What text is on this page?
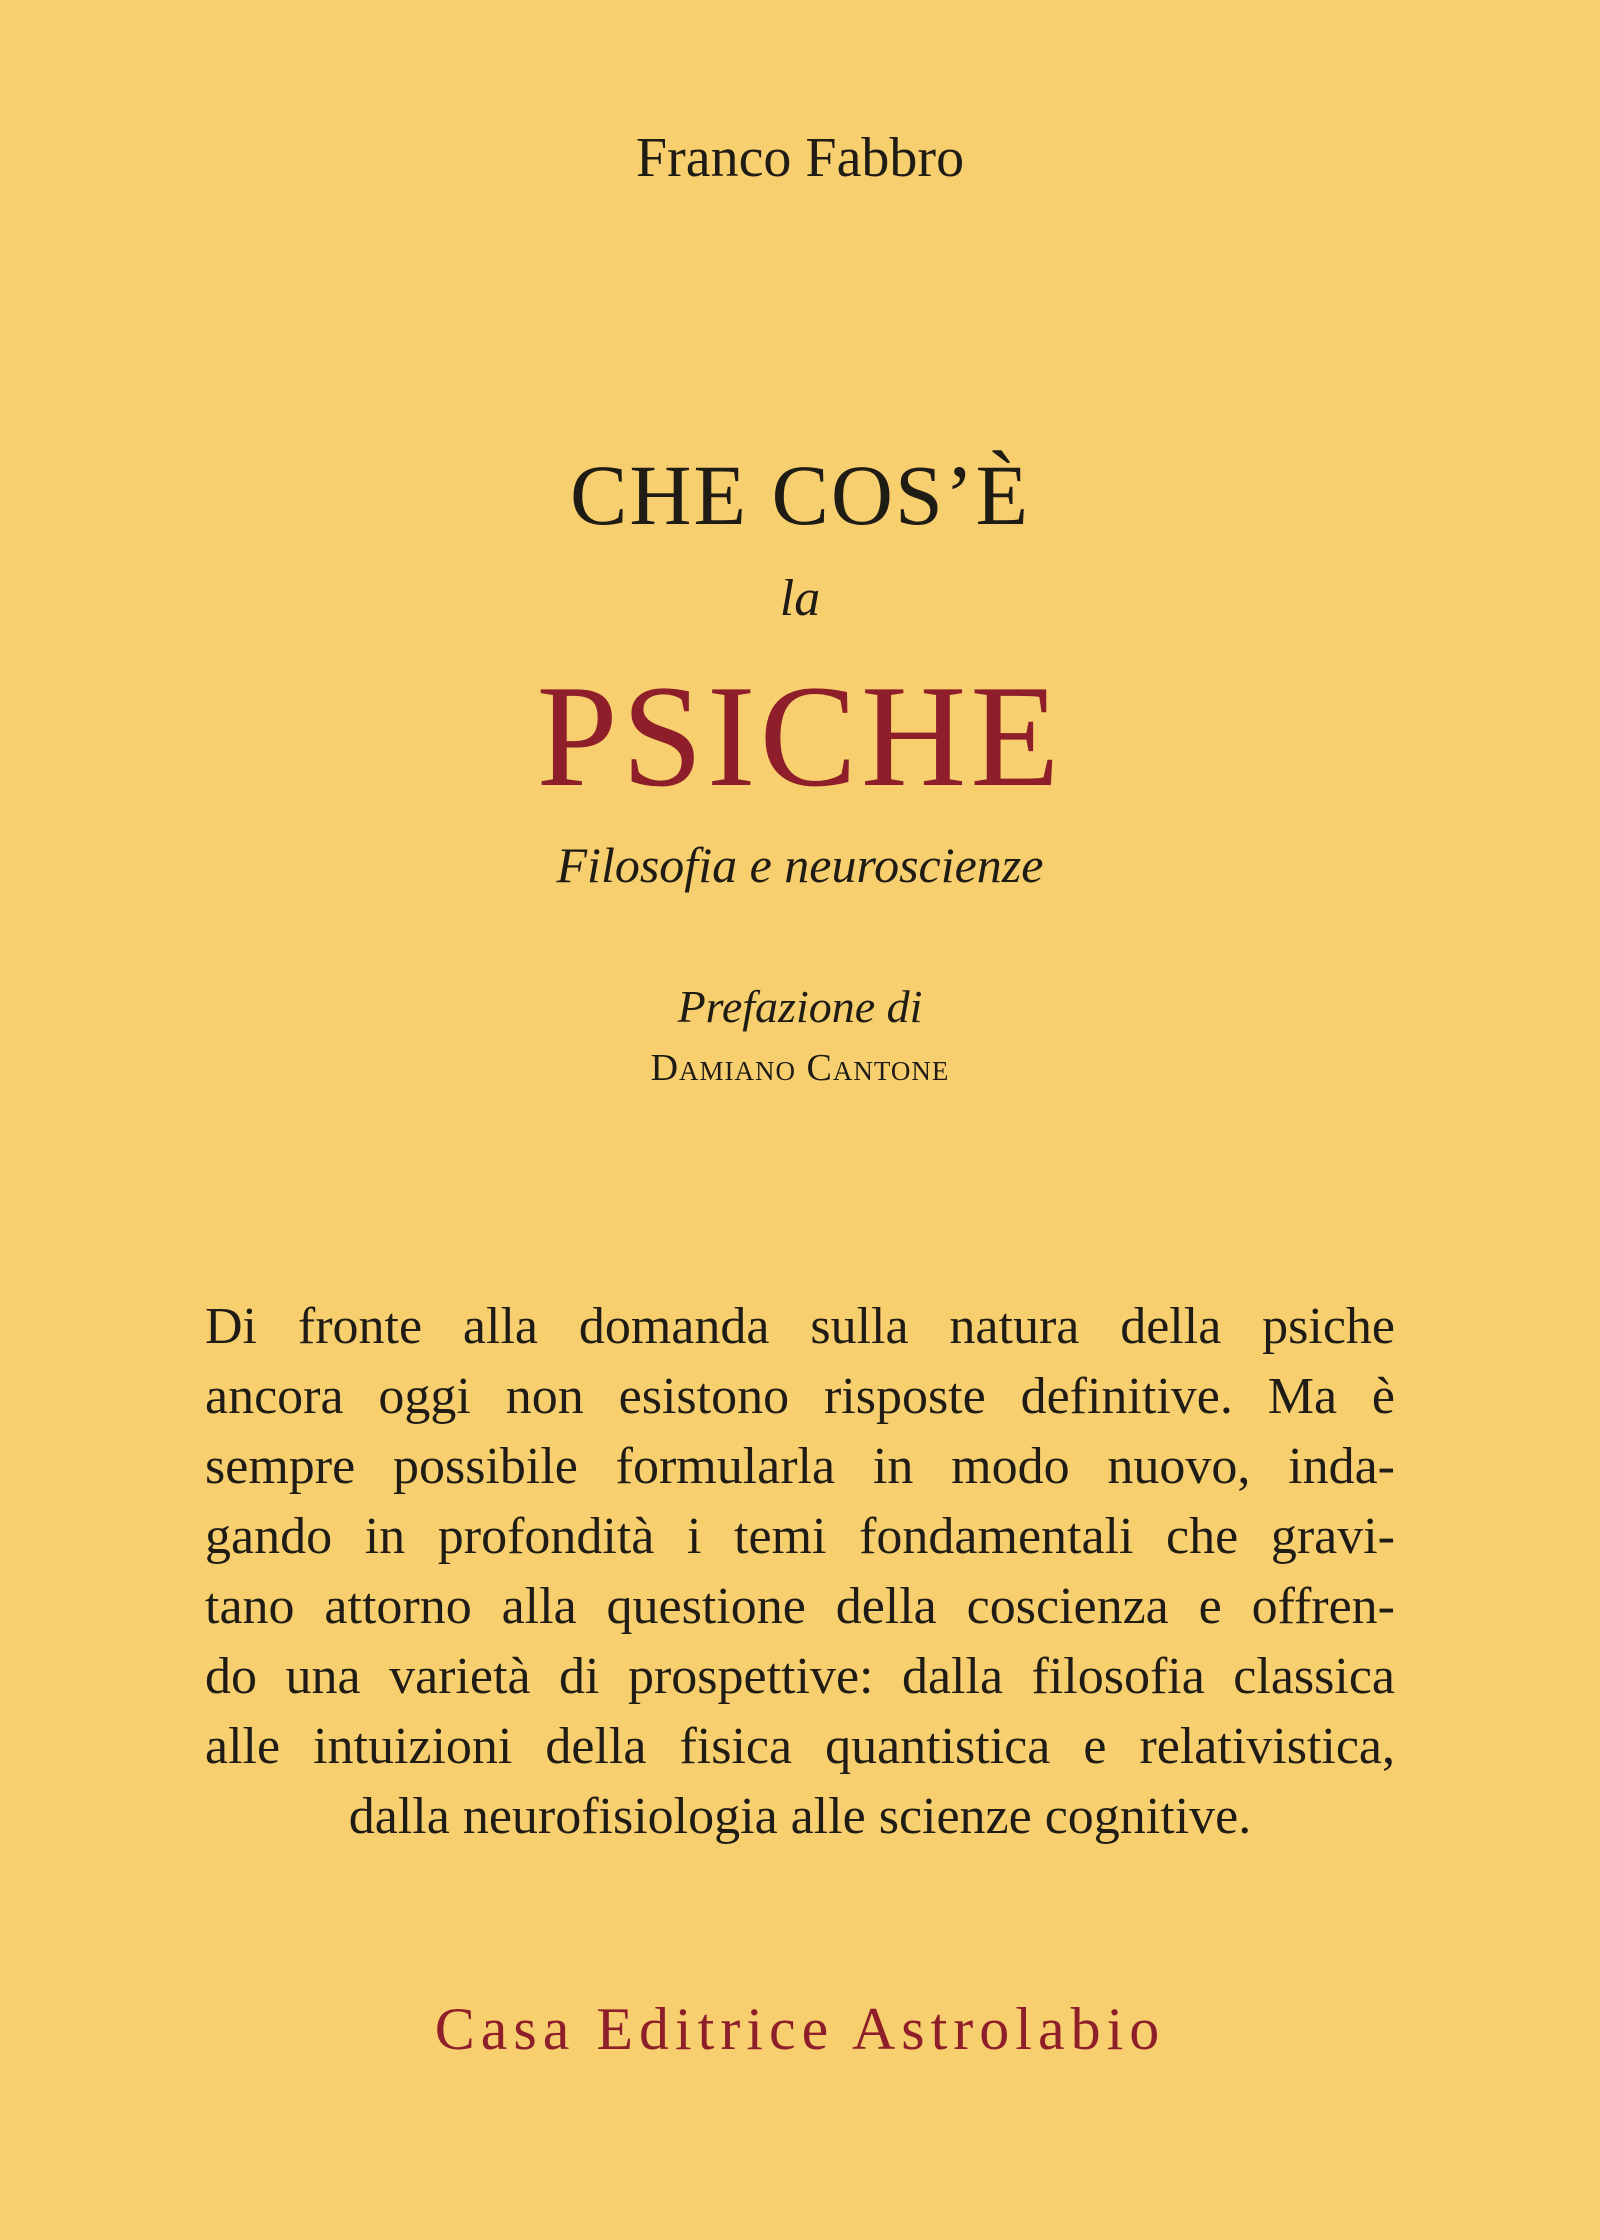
Franco Fabbro
CHE COS’È
la
PSICHE
Filosofia e neuroscienze
Prefazione di
Damiano Cantone
Di fronte alla domanda sulla natura della psiche
ancora oggi non esistono risposte definitive. Ma è
sempre possibile formularla in modo nuovo, inda-
gando in profondità i temi fondamentali che gravi-
tano attorno alla questione della coscienza e offren-
do una varietà di prospettive: dalla filosofia classica
alle intuizioni della fisica quantistica e relativistica,
dalla neurofisiologia alle scienze cognitive.
Casa Editrice Astrolabio
